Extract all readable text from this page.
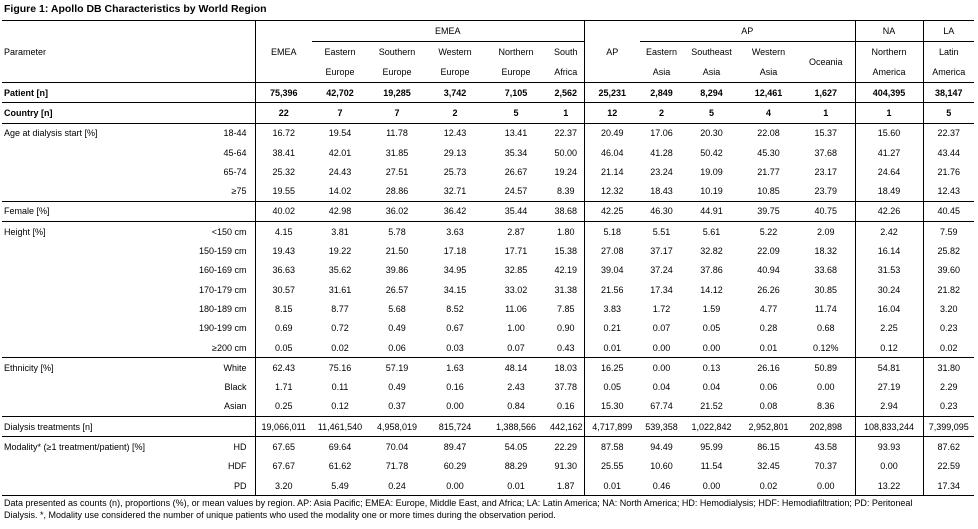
Figure 1: Apollo DB Characteristics by World Region
			EMEA						AP				NA	LA
Parameter		EMEA	Eastern	Southern	Western	Northern	South	AP	Eastern	Southeast	Western	Oceania	Northern	Latin
			Europe	Europe	Europe	Europe	Africa		Asia	Asia	Asia		America	America
Patient [n]		75,396	42,702	19,285	3,742	7,105	2,562	25,231	2,849	8,294	12,461	1,627	404,395	38,147
Country [n]		22	7	7	2	5	1	12	2	5	4	1	1	5
Age at dialysis start [%]	18-44	16.72	19.54	11.78	12.43	13.41	22.37	20.49	17.06	20.30	22.08	15.37	15.60	22.37
	45-64	38.41	42.01	31.85	29.13	35.34	50.00	46.04	41.28	50.42	45.30	37.68	41.27	43.44
	65-74	25.32	24.43	27.51	25.73	26.67	19.24	21.14	23.24	19.09	21.77	23.17	24.64	21.76
	≥75	19.55	14.02	28.86	32.71	24.57	8.39	12.32	18.43	10.19	10.85	23.79	18.49	12.43
Female [%]		40.02	42.98	36.02	36.42	35.44	38.68	42.25	46.30	44.91	39.75	40.75	42.26	40.45
Height [%]	<150 cm	4.15	3.81	5.78	3.63	2.87	1.80	5.18	5.51	5.61	5.22	2.09	2.42	7.59
	150-159 cm	19.43	19.22	21.50	17.18	17.71	15.38	27.08	37.17	32.82	22.09	18.32	16.14	25.82
	160-169 cm	36.63	35.62	39.86	34.95	32.85	42.19	39.04	37.24	37.86	40.94	33.68	31.53	39.60
	170-179 cm	30.57	31.61	26.57	34.15	33.02	31.38	21.56	17.34	14.12	26.26	30.85	30.24	21.82
	180-189 cm	8.15	8.77	5.68	8.52	11.06	7.85	3.83	1.72	1.59	4.77	11.74	16.04	3.20
	190-199 cm	0.69	0.72	0.49	0.67	1.00	0.90	0.21	0.07	0.05	0.28	0.68	2.25	0.23
	≥200 cm	0.05	0.02	0.06	0.03	0.07	0.43	0.01	0.00	0.00	0.01	0.12%	0.12	0.02
Ethnicity [%]	White	62.43	75.16	57.19	1.63	48.14	18.03	16.25	0.00	0.13	26.16	50.89	54.81	31.80
	Black	1.71	0.11	0.49	0.16	2.43	37.78	0.05	0.04	0.04	0.06	0.00	27.19	2.29
	Asian	0.25	0.12	0.37	0.00	0.84	0.16	15.30	67.74	21.52	0.08	8.36	2.94	0.23
Dialysis treatments [n]		19,066,011	11,461,540	4,958,019	815,724	1,388,566	442,162	4,717,899	539,358	1,022,842	2,952,801	202,898	108,833,244	7,399,095
Modality* (≥1 treatment/patient) [%]	HD	67.65	69.64	70.04	89.47	54.05	22.29	87.58	94.49	95.99	86.15	43.58	93.93	87.62
	HDF	67.67	61.62	71.78	60.29	88.29	91.30	25.55	10.60	11.54	32.45	70.37	0.00	22.59
	PD	3.20	5.49	0.24	0.00	0.01	1.87	0.01	0.46	0.00	0.02	0.00	13.22	17.34
Data presented as counts (n), proportions (%), or mean values by region. AP: Asia Pacific; EMEA: Europe, Middle East, and Africa; LA: Latin America; NA: North America; HD: Hemodialysis; HDF: Hemodiafiltration; PD: Peritoneal
Dialysis. *, Modality use considered the number of unique patients who used the modality one or more times during the observation period.
